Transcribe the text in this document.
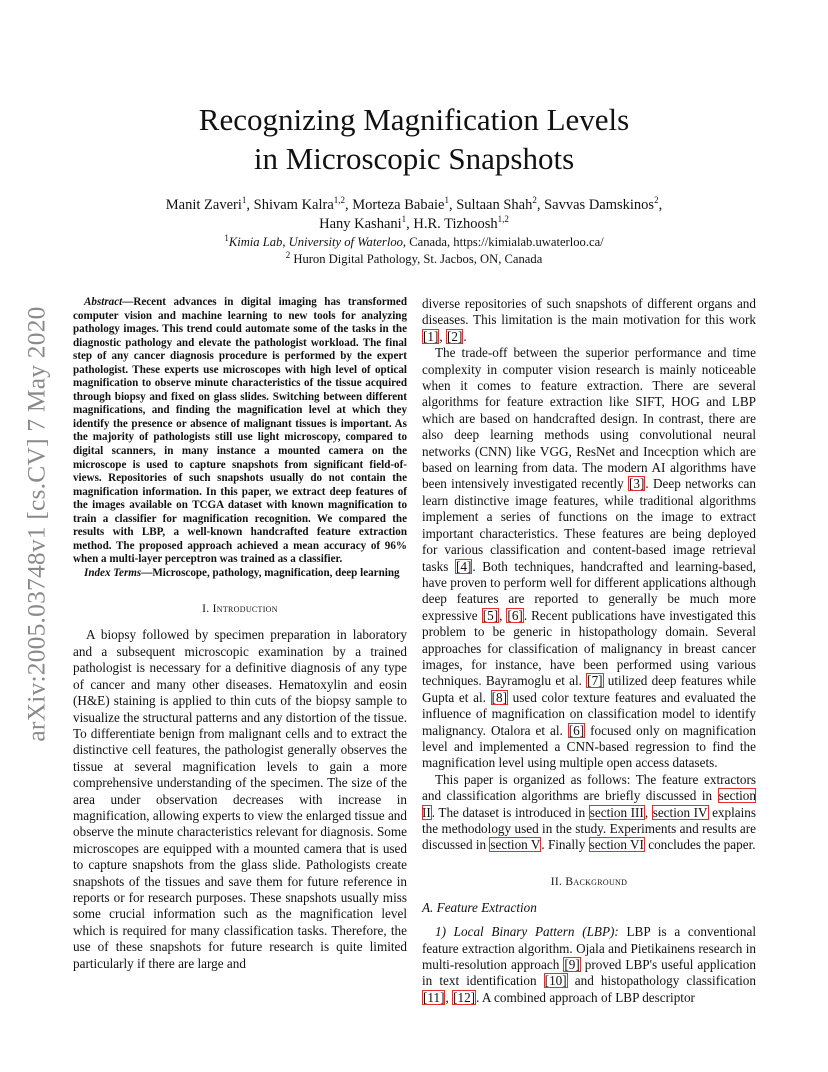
arXiv:2005.03748v1 [cs.CV] 7 May 2020
Recognizing Magnification Levels
in Microscopic Snapshots
Manit Zaveri$^1$, Shivam Kalra$^{1,2}$, Morteza Babaie$^1$, Sultaan Shah$^2$, Savvas Damskinos$^2$,
Hany Kashani$^1$, H.R. Tizhoosh$^{1,2}$
$^1$Kimia Lab, University of Waterloo, Canada, https://kimialab.uwaterloo.ca/
$^2$ Huron Digital Pathology, St. Jacbos, ON, Canada

Abstract—Recent advances in digital imaging has transformed computer vision and machine learning to new tools for analyzing pathology images. This trend could automate some of the tasks in the diagnostic pathology and elevate the pathologist workload. The final step of any cancer diagnosis procedure is performed by the expert pathologist. These experts use microscopes with high level of optical magnification to observe minute characteristics of the tissue acquired through biopsy and fixed on glass slides. Switching between different magnifications, and finding the magnification level at which they identify the presence or absence of malignant tissues is important. As the majority of pathologists still use light microscopy, compared to digital scanners, in many instance a mounted camera on the microscope is used to capture snapshots from significant field-of-views. Repositories of such snapshots usually do not contain the magnification information. In this paper, we extract deep features of the images available on TCGA dataset with known magnification to train a classifier for magnification recognition. We compared the results with LBP, a well-known handcrafted feature extraction method. The proposed approach achieved a mean accuracy of 96% when a multi-layer perceptron was trained as a classifier.

Index Terms—Microscope, pathology, magnification, deep learning

I. Introduction

A biopsy followed by specimen preparation in laboratory and a subsequent microscopic examination by a trained pathologist is necessary for a definitive diagnosis of any type of cancer and many other diseases. Hematoxylin and eosin (H&E) staining is applied to thin cuts of the biopsy sample to visualize the structural patterns and any distortion of the tissue. To differentiate benign from malignant cells and to extract the distinctive cell features, the pathologist generally observes the tissue at several magnification levels to gain a more comprehensive understanding of the specimen. The size of the area under observation decreases with increase in magnification, allowing experts to view the enlarged tissue and observe the minute characteristics relevant for diagnosis. Some microscopes are equipped with a mounted camera that is used to capture snapshots from the glass slide. Pathologists create snapshots of the tissues and save them for future reference in reports or for research purposes. These snapshots usually miss some crucial information such as the magnification level which is required for many classification tasks. Therefore, the use of these snapshots for future research is quite limited particularly if there are large and

diverse repositories of such snapshots of different organs and diseases. This limitation is the main motivation for this work [1], [2].

The trade-off between the superior performance and time complexity in computer vision research is mainly noticeable when it comes to feature extraction. There are several algorithms for feature extraction like SIFT, HOG and LBP which are based on handcrafted design. In contrast, there are also deep learning methods using convolutional neural networks (CNN) like VGG, ResNet and Incecption which are based on learning from data. The modern AI algorithms have been intensively investigated recently [3]. Deep networks can learn distinctive image features, while traditional algorithms implement a series of functions on the image to extract important characteristics. These features are being deployed for various classification and content-based image retrieval tasks [4]. Both techniques, handcrafted and learning-based, have proven to perform well for different applications although deep features are reported to generally be much more expressive [5], [6]. Recent publications have investigated this problem to be generic in histopathology domain. Several approaches for classification of malignancy in breast cancer images, for instance, have been performed using various techniques. Bayramoglu et al. [7] utilized deep features while Gupta et al. [8] used color texture features and evaluated the influence of magnification on classification model to identify malignancy. Otalora et al. [6] focused only on magnification level and implemented a CNN-based regression to find the magnification level using multiple open access datasets.

This paper is organized as follows: The feature extractors and classification algorithms are briefly discussed in section II. The dataset is introduced in section III, section IV explains the methodology used in the study. Experiments and results are discussed in section V. Finally section VI concludes the paper.

II. Background
A. Feature Extraction

1) Local Binary Pattern (LBP): LBP is a conventional feature extraction algorithm. Ojala and Pietikainens research in multi-resolution approach [9] proved LBP's useful application in text identification [10] and histopathology classification [11], [12]. A combined approach of LBP descriptor
